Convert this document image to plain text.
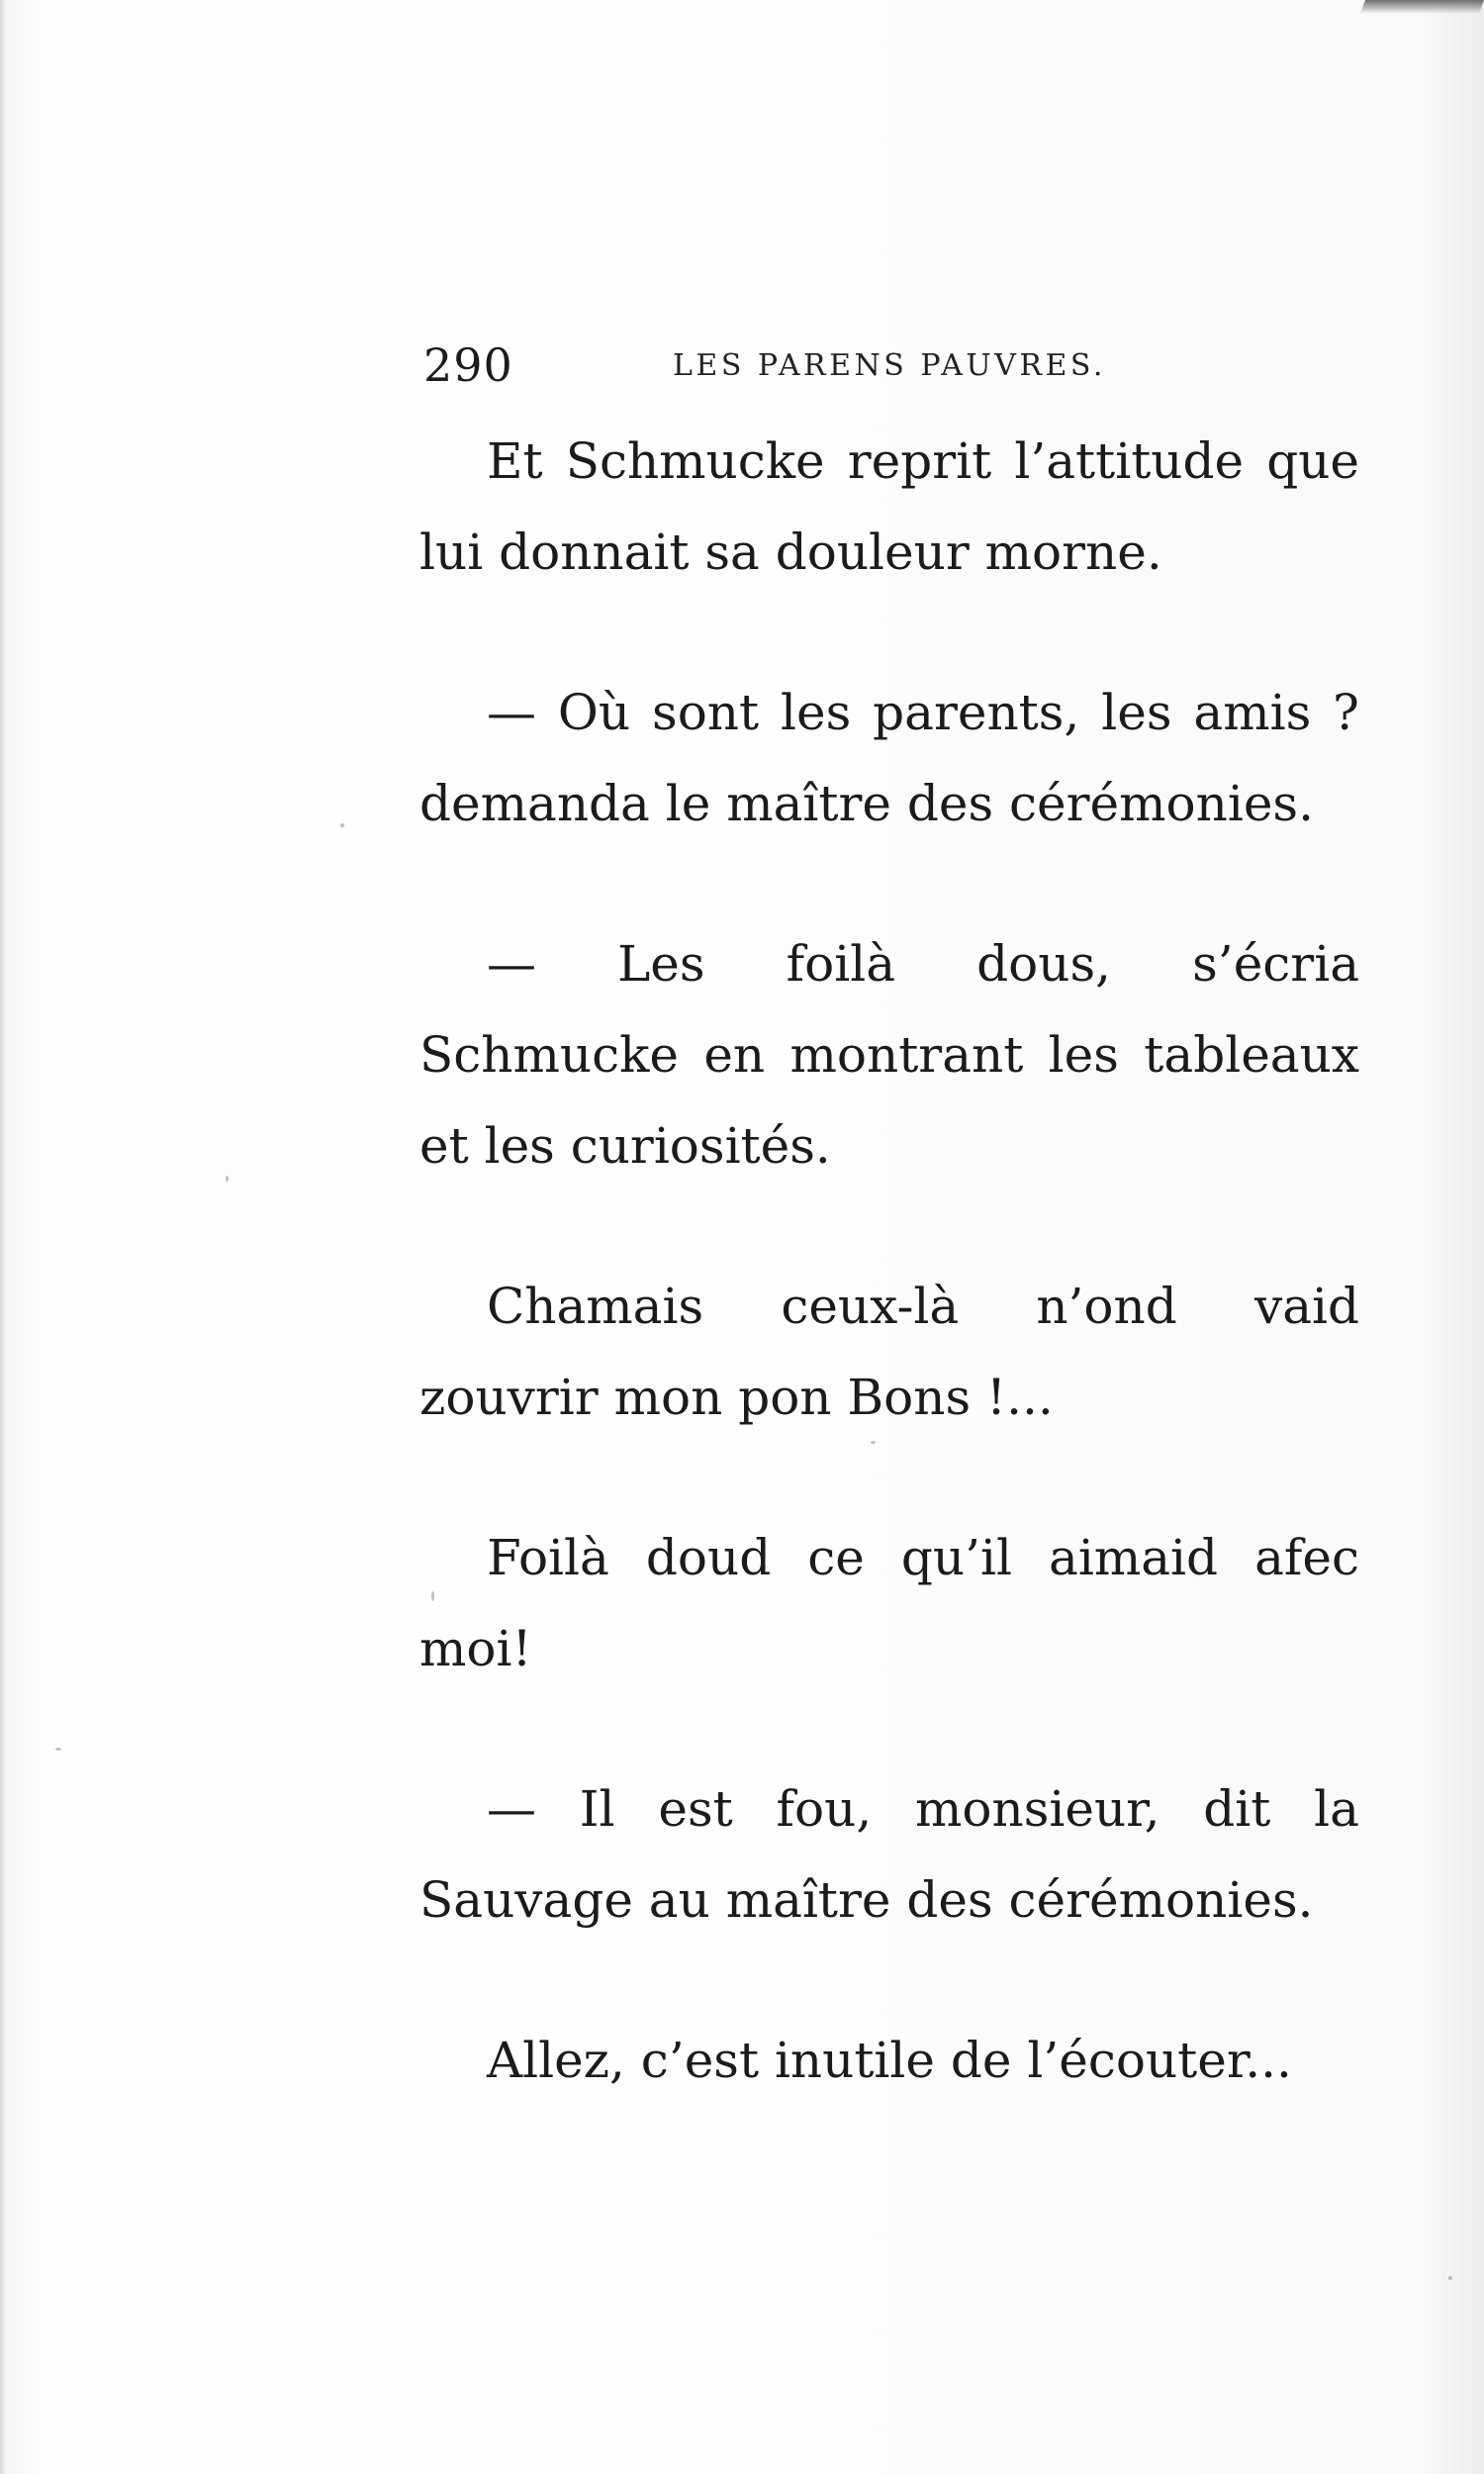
290	LES PARENS PAUVRES.

Et Schmucke reprit l’attitude que lui donnait sa douleur morne.

— Où sont les parents, les amis ? demanda le maître des cérémonies.

— Les foilà dous, s’écria Schmucke en montrant les tableaux et les curiosités.

Chamais ceux-là n’ond vaid zouvrir mon pon Bons !...

Foilà doud ce qu’il aimaid afec moi!

— Il est fou, monsieur, dit la Sauvage au maître des cérémonies.

Allez, c’est inutile de l’écouter...
